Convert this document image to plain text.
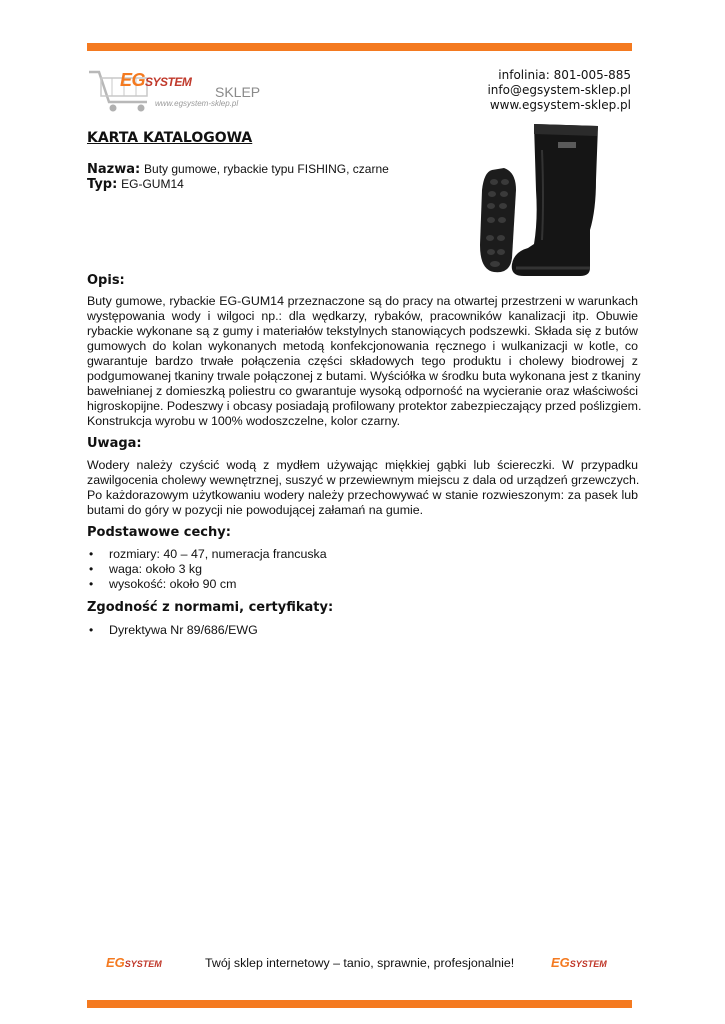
EGSYSTEM
SKLEP
www.egsystem-sklep.pl
infolinia: 801-005-885
info@egsystem-sklep.pl
www.egsystem-sklep.pl
KARTA KATALOGOWA
Nazwa: Buty gumowe, rybackie typu FISHING, czarne
Typ: EG-GUM14
Opis:
Buty gumowe, rybackie EG-GUM14 przeznaczone są do pracy na otwartej przestrzeni w warunkach
występowania wody i wilgoci np.: dla wędkarzy, rybaków, pracowników kanalizacji itp. Obuwie
rybackie wykonane są z gumy i materiałów tekstylnych stanowiących podszewki. Składa się z butów
gumowych do kolan wykonanych metodą konfekcjonowania ręcznego i wulkanizacji w kotle, co
gwarantuje bardzo trwałe połączenia części składowych tego produktu i cholewy biodrowej z
podgumowanej tkaniny trwale połączonej z butami. Wyściółka w środku buta wykonana jest z tkaniny
bawełnianej z domieszką poliestru co gwarantuje wysoką odporność na wycieranie oraz właściwości
higroskopijne. Podeszwy i obcasy posiadają profilowany protektor zabezpieczający przed poślizgiem.
Konstrukcja wyrobu w 100% wodoszczelne, kolor czarny.
Uwaga:
Wodery należy czyścić wodą z mydłem używając miękkiej gąbki lub ściereczki. W przypadku
zawilgocenia cholewy wewnętrznej, suszyć w przewiewnym miejscu z dala od urządzeń grzewczych.
Po każdorazowym użytkowaniu wodery należy przechowywać w stanie rozwieszonym: za pasek lub
butami do góry w pozycji nie powodującej załamań na gumie.
Podstawowe cechy:
• rozmiary: 40 – 47, numeracja francuska
• waga: około 3 kg
• wysokość: około 90 cm
Zgodność z normami, certyfikaty:
• Dyrektywa Nr 89/686/EWG
EGSYSTEM	Twój sklep internetowy – tanio, sprawnie, profesjonalnie!	EGSYSTEM
